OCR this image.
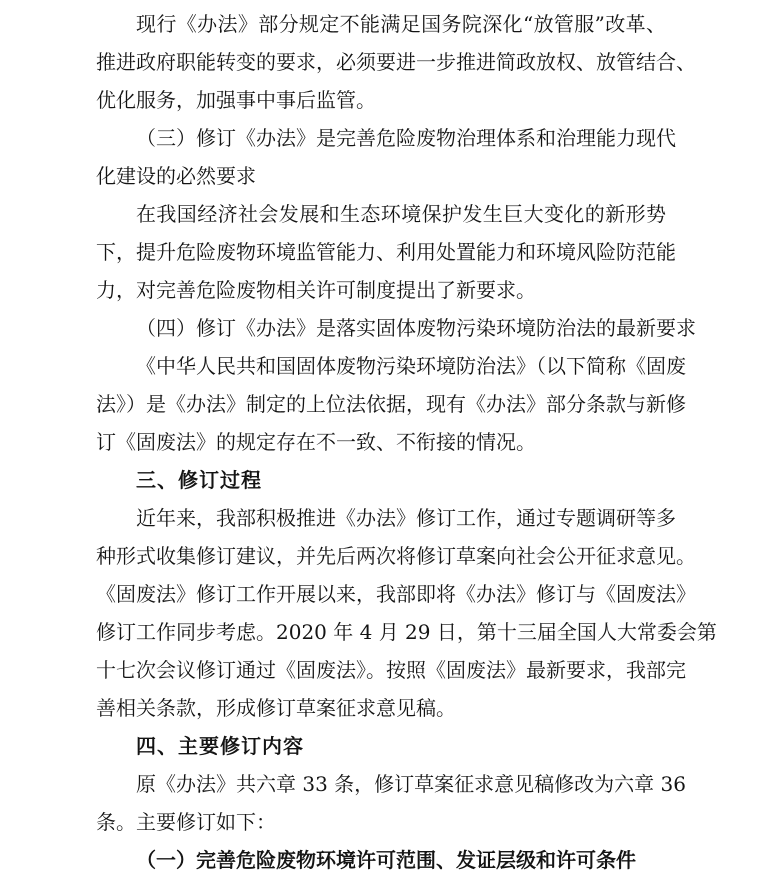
现行《办法》部分规定不能满足国务院深化“放管服”改革、
推进政府职能转变的要求，必须要进一步推进简政放权、放管结合、
优化服务，加强事中事后监管。
（三）修订《办法》是完善危险废物治理体系和治理能力现代
化建设的必然要求
在我国经济社会发展和生态环境保护发生巨大变化的新形势
下，提升危险废物环境监管能力、利用处置能力和环境风险防范能
力，对完善危险废物相关许可制度提出了新要求。
（四）修订《办法》是落实固体废物污染环境防治法的最新要求
《中华人民共和国固体废物污染环境防治法》（以下简称《固废
法》）是《办法》制定的上位法依据，现有《办法》部分条款与新修
订《固废法》的规定存在不一致、不衔接的情况。
三、修订过程
近年来，我部积极推进《办法》修订工作，通过专题调研等多
种形式收集修订建议，并先后两次将修订草案向社会公开征求意见。
《固废法》修订工作开展以来，我部即将《办法》修订与《固废法》
修订工作同步考虑。2020 年 4 月 29 日，第十三届全国人大常委会第
十七次会议修订通过《固废法》。按照《固废法》最新要求，我部完
善相关条款，形成修订草案征求意见稿。
四、主要修订内容
原《办法》共六章 33 条，修订草案征求意见稿修改为六章 36
条。主要修订如下：
（一）完善危险废物环境许可范围、发证层级和许可条件
